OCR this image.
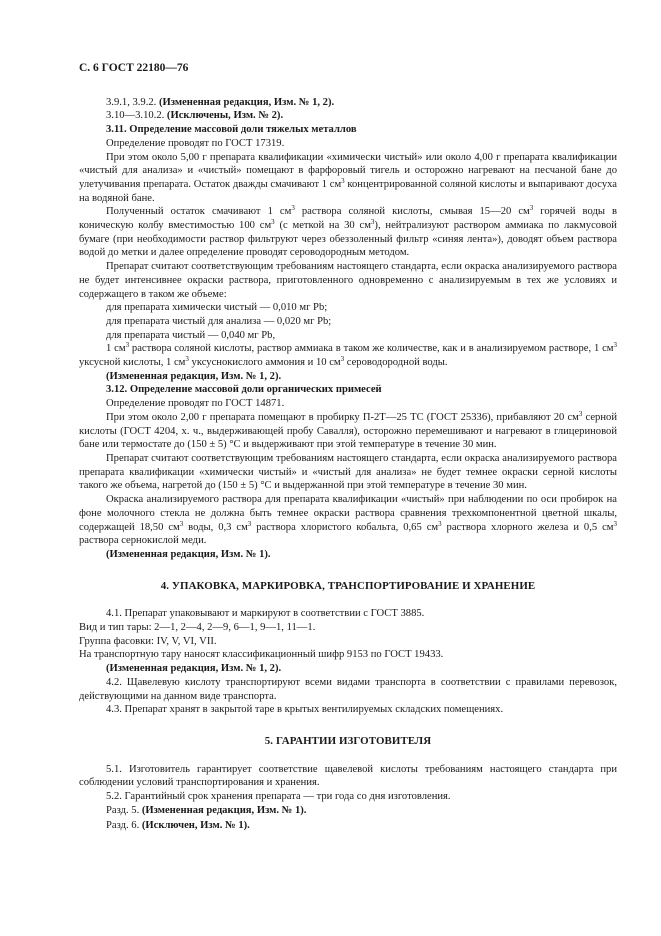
С. 6 ГОСТ 22180—76

3.9.1, 3.9.2. (Измененная редакция, Изм. № 1, 2).

3.10—3.10.2. (Исключены, Изм. № 2).

3.11. Определение массовой доли тяжелых металлов

Определение проводят по ГОСТ 17319.

При этом около 5,00 г препарата квалификации «химически чистый» или около 4,00 г препарата квалификации «чистый для анализа» и «чистый» помещают в фарфоровый тигель и осторожно нагревают на песчаной бане до улетучивания препарата. Остаток дважды смачивают 1 $см^3$ концентрированной соляной кислоты и выпаривают досуха на водяной бане.

Полученный остаток смачивают 1 $см^3$ раствора соляной кислоты, смывая 15—20 $см^3$ горячей воды в коническую колбу вместимостью 100 $см^3$ (с меткой на 30 $см^3$), нейтрализуют раствором аммиака по лакмусовой бумаге (при необходимости раствор фильтруют через обеззоленный фильтр «синяя лента»), доводят объем раствора водой до метки и далее определение проводят сероводородным методом.

Препарат считают соответствующим требованиям настоящего стандарта, если окраска анализируемого раствора не будет интенсивнее окраски раствора, приготовленного одновременно с анализируемым в тех же условиях и содержащего в таком же объеме:

для препарата химически чистый — 0,010 мг Pb;

для препарата чистый для анализа — 0,020 мг Pb;

для препарата чистый — 0,040 мг Pb,

1 $см^3$ раствора соляной кислоты, раствор аммиака в таком же количестве, как и в анализируемом растворе, 1 $см^3$ уксусной кислоты, 1 $см^3$ уксуснокислого аммония и 10 $см^3$ сероводородной воды.

(Измененная редакция, Изм. № 1, 2).

3.12. Определение массовой доли органических примесей

Определение проводят по ГОСТ 14871.

При этом около 2,00 г препарата помещают в пробирку П-2Т—25 ТС (ГОСТ 25336), прибавляют 20 $см^3$ серной кислоты (ГОСТ 4204, х. ч., выдерживающей пробу Савалля), осторожно перемешивают и нагревают в глицериновой бане или термостате до (150 ± 5) °С и выдерживают при этой температуре в течение 30 мин.

Препарат считают соответствующим требованиям настоящего стандарта, если окраска анализируемого раствора препарата квалификации «химически чистый» и «чистый для анализа» не будет темнее окраски серной кислоты такого же объема, нагретой до (150 ± 5) °С и выдержанной при этой температуре в течение 30 мин.

Окраска анализируемого раствора для препарата квалификации «чистый» при наблюдении по оси пробирок на фоне молочного стекла не должна быть темнее окраски раствора сравнения трехкомпонентной цветной шкалы, содержащей 18,50 $см^3$ воды, 0,3 $см^3$ раствора хлористого кобальта, 0,65 $см^3$ раствора хлорного железа и 0,5 $см^3$ раствора сернокислой меди.

(Измененная редакция, Изм. № 1).

4. УПАКОВКА, МАРКИРОВКА, ТРАНСПОРТИРОВАНИЕ И ХРАНЕНИЕ

4.1. Препарат упаковывают и маркируют в соответствии с ГОСТ 3885.

Вид и тип тары: 2—1, 2—4, 2—9, 6—1, 9—1, 11—1.

Группа фасовки: IV, V, VI, VII.

На транспортную тару наносят классификационный шифр 9153 по ГОСТ 19433.

(Измененная редакция, Изм. № 1, 2).

4.2. Щавелевую кислоту транспортируют всеми видами транспорта в соответствии с правилами перевозок, действующими на данном виде транспорта.

4.3. Препарат хранят в закрытой таре в крытых вентилируемых складских помещениях.

5. ГАРАНТИИ ИЗГОТОВИТЕЛЯ

5.1. Изготовитель гарантирует соответствие щавелевой кислоты требованиям настоящего стандарта при соблюдении условий транспортирования и хранения.

5.2. Гарантийный срок хранения препарата — три года со дня изготовления.

Разд. 5. (Измененная редакция, Изм. № 1).

Разд. 6. (Исключен, Изм. № 1).
